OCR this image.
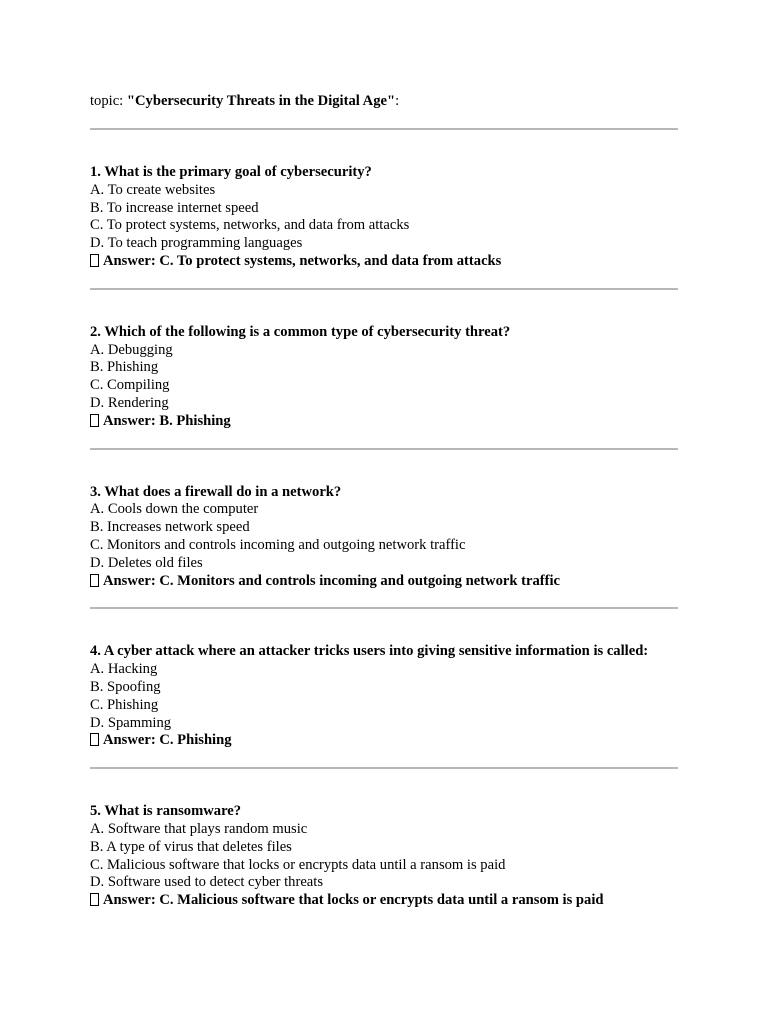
topic: "Cybersecurity Threats in the Digital Age":
1. What is the primary goal of cybersecurity?
A. To create websites
B. To increase internet speed
C. To protect systems, networks, and data from attacks
D. To teach programming languages
Answer: C. To protect systems, networks, and data from attacks
2. Which of the following is a common type of cybersecurity threat?
A. Debugging
B. Phishing
C. Compiling
D. Rendering
Answer: B. Phishing
3. What does a firewall do in a network?
A. Cools down the computer
B. Increases network speed
C. Monitors and controls incoming and outgoing network traffic
D. Deletes old files
Answer: C. Monitors and controls incoming and outgoing network traffic
4. A cyber attack where an attacker tricks users into giving sensitive information is called:
A. Hacking
B. Spoofing
C. Phishing
D. Spamming
Answer: C. Phishing
5. What is ransomware?
A. Software that plays random music
B. A type of virus that deletes files
C. Malicious software that locks or encrypts data until a ransom is paid
D. Software used to detect cyber threats
Answer: C. Malicious software that locks or encrypts data until a ransom is paid
